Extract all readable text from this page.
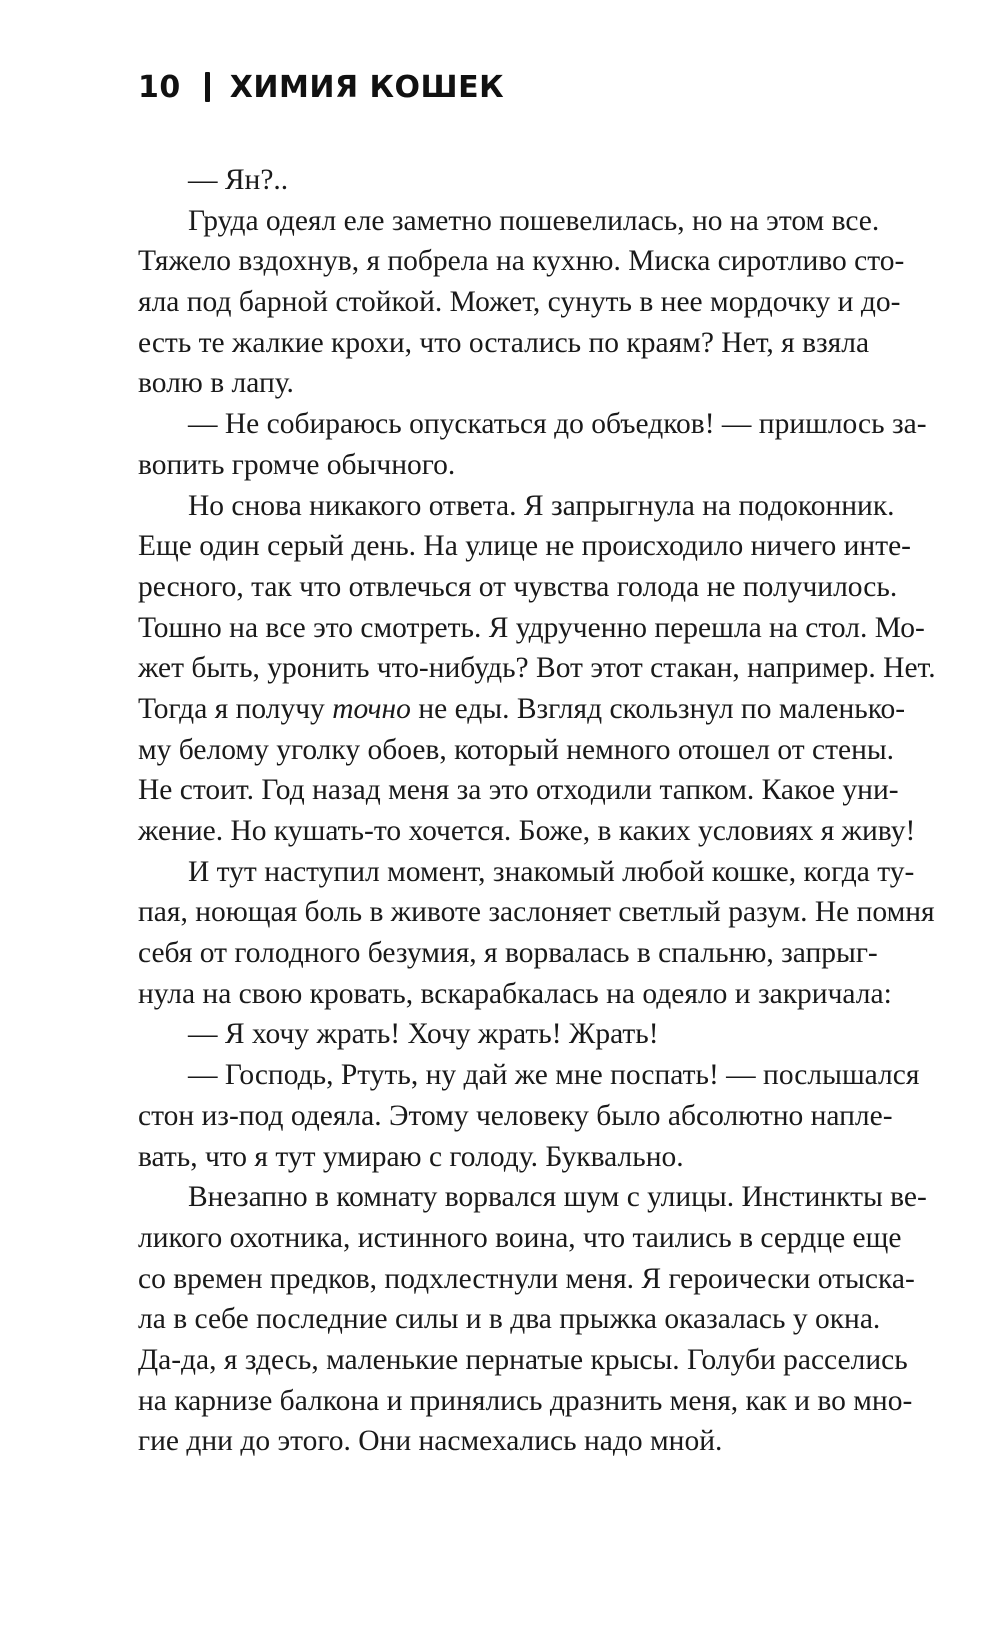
10 ХИМИЯ КОШЕК
— Ян?..
Груда одеял еле заметно пошевелилась, но на этом все.
Тяжело вздохнув, я побрела на кухню. Миска сиротливо сто-
яла под барной стойкой. Может, сунуть в нее мордочку и до-
есть те жалкие крохи, что остались по краям? Нет, я взяла
волю в лапу.
— Не собираюсь опускаться до объедков! — пришлось за-
вопить громче обычного.
Но снова никакого ответа. Я запрыгнула на подоконник.
Еще один серый день. На улице не происходило ничего инте-
ресного, так что отвлечься от чувства голода не получилось.
Тошно на все это смотреть. Я удрученно перешла на стол. Мо-
жет быть, уронить что-нибудь? Вот этот стакан, например. Нет.
Тогда я получу точно не еды. Взгляд скользнул по маленько-
му белому уголку обоев, который немного отошел от стены.
Не стоит. Год назад меня за это отходили тапком. Какое уни-
жение. Но кушать-то хочется. Боже, в каких условиях я живу!
И тут наступил момент, знакомый любой кошке, когда ту-
пая, ноющая боль в животе заслоняет светлый разум. Не помня
себя от голодного безумия, я ворвалась в спальню, запрыг-
нула на свою кровать, вскарабкалась на одеяло и закричала:
— Я хочу жрать! Хочу жрать! Жрать!
— Господь, Ртуть, ну дай же мне поспать! — послышался
стон из-под одеяла. Этому человеку было абсолютно напле-
вать, что я тут умираю с голоду. Буквально.
Внезапно в комнату ворвался шум с улицы. Инстинкты ве-
ликого охотника, истинного воина, что таились в сердце еще
со времен предков, подхлестнули меня. Я героически отыска-
ла в себе последние силы и в два прыжка оказалась у окна.
Да-да, я здесь, маленькие пернатые крысы. Голуби расселись
на карнизе балкона и принялись дразнить меня, как и во мно-
гие дни до этого. Они насмехались надо мной.
